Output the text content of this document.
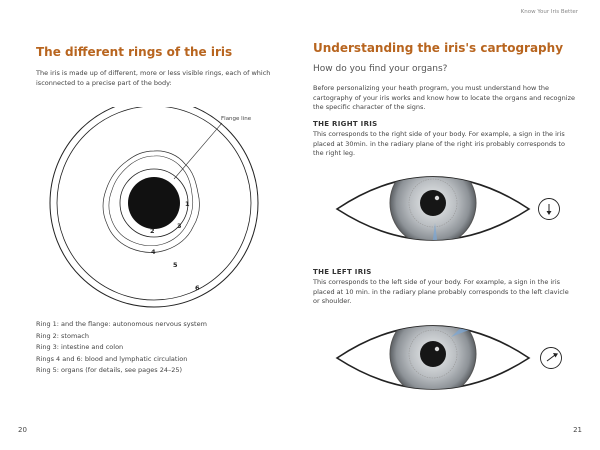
Know Your Iris Better
The different rings of the iris
The iris is made up of different, more or less visible rings, each of which isconnected to a precise part of the body:
Flange line
1
2
3
4
5
6
Ring 1: and the flange: autonomous nervous system
Ring 2: stomach
Ring 3: intestine and colon
Rings 4 and 6: blood and lymphatic circulation
Ring 5: organs (for details, see pages 24–25)
20
Understanding the iris's cartography
How do you find your organs?
Before personalizing your heath program, you must understand how the cartography of your iris works and know how to locate the organs and recognize the specific character of the signs.
THE RIGHT IRIS
This corresponds to the right side of your body. For example, a sign in the iris placed at 30min. in the radiary plane of the right iris probably corresponds to the right leg.
THE LEFT IRIS
This corresponds to the left side of your body. For example, a sign in the iris placed at 10 min. in the radiary plane probably corresponds to the left clavicle or shoulder.
21
